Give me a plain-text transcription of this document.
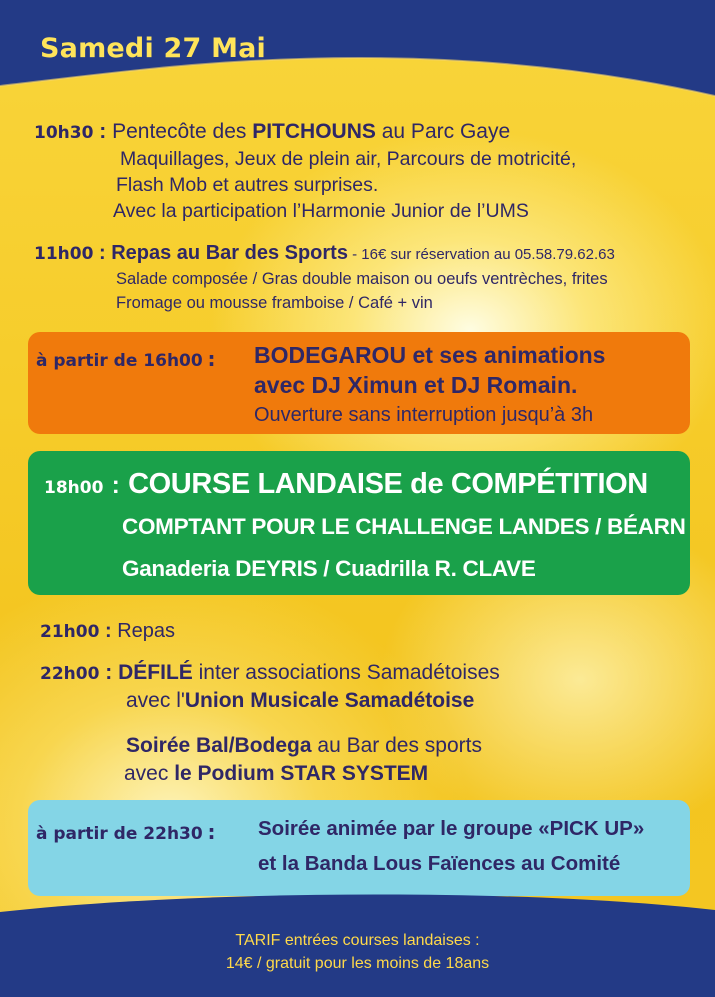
Samedi 27 Mai
10h30 : Pentecôte des PITCHOUNS au Parc Gaye
Maquillages, Jeux de plein air, Parcours de motricité,
Flash Mob et autres surprises.
Avec la participation l’Harmonie Junior de l’UMS
11h00 : Repas au Bar des Sports - 16€ sur réservation au 05.58.79.62.63
Salade composée / Gras double maison ou oeufs ventrèches, frites
Fromage ou mousse framboise / Café + vin
à partir de 16h00 : BODEGAROU et ses animations
avec DJ Ximun et DJ Romain.
Ouverture sans interruption jusqu’à 3h
18h00 : COURSE LANDAISE de COMPÉTITION
COMPTANT POUR LE CHALLENGE LANDES / BÉARN
Ganaderia DEYRIS / Cuadrilla R. CLAVE
21h00 : Repas
22h00 : DÉFILÉ inter associations Samadétoises
avec l'Union Musicale Samadétoise
Soirée Bal/Bodega au Bar des sports
avec le Podium STAR SYSTEM
à partir de 22h30 : Soirée animée par le groupe «PICK UP»
et la Banda Lous Faïences au Comité
TARIF entrées courses landaises :
14€ / gratuit pour les moins de 18ans
